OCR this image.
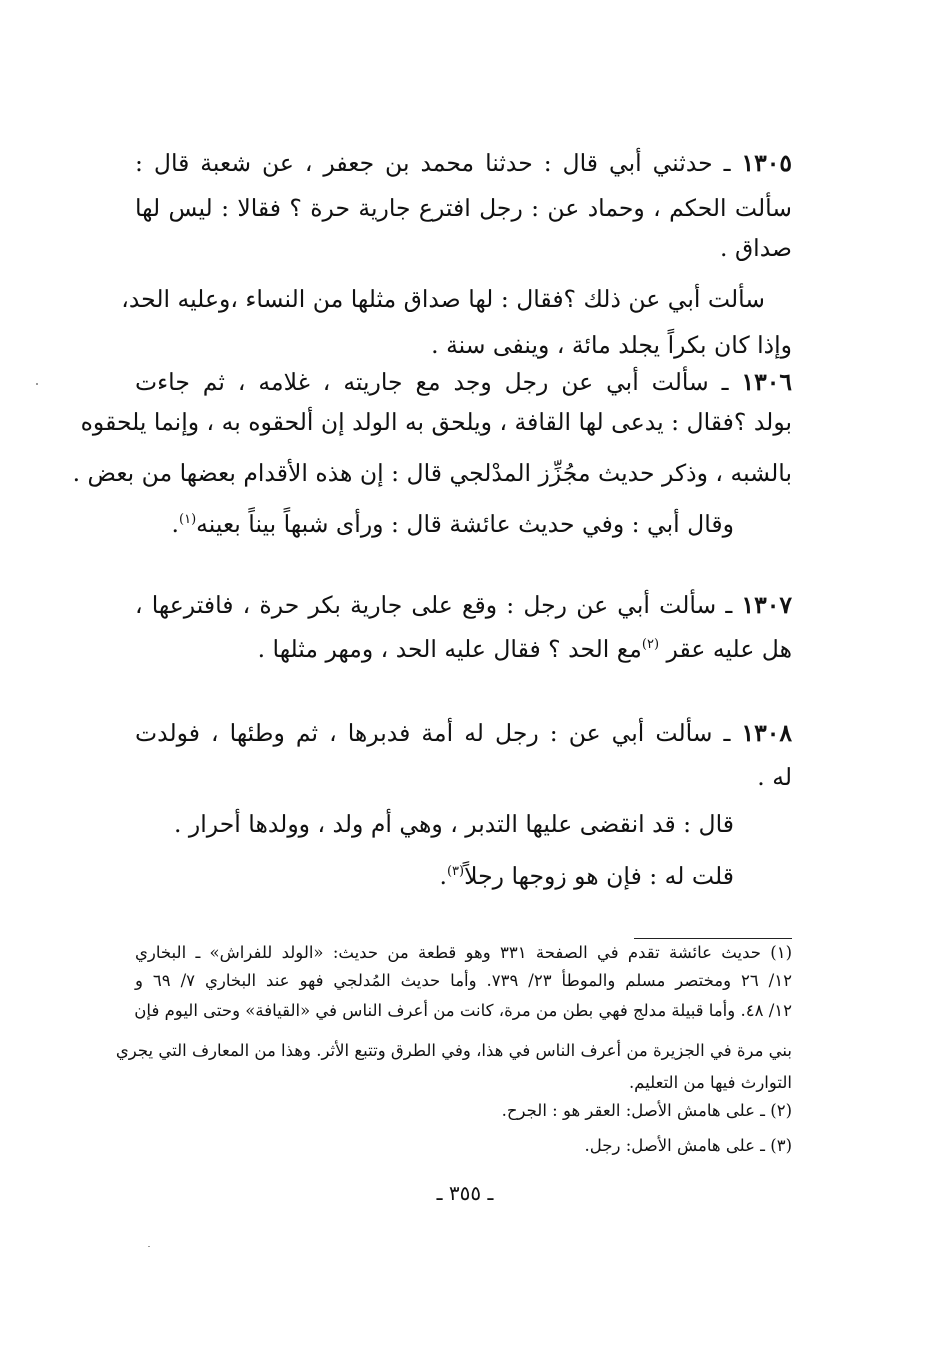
١٣٠٥ ـ حدثني أبي قال : حدثنا محمد بن جعفر ، عن شعبة قال :
سألت الحكم ، وحماد عن : رجل افترع جارية حرة ؟ فقالا : ليس لها
صداق .
سألت أبي عن ذلك ؟فقال : لها صداق مثلها من النساء ،وعليه الحد،
وإذا كان بكراً يجلد مائة ، وينفى سنة .
١٣٠٦ ـ سألت أبي عن رجل وجد مع جاريته ، غلامه ، ثم جاءت
بولد ؟فقال : يدعى لها القافة ، ويلحق به الولد إن ألحقوه به ، وإنما يلحقوه
بالشبه ، وذكر حديث مجُزِّز المدْلجي قال : إن هذه الأقدام بعضها من بعض .
وقال أبي : وفي حديث عائشة قال : ورأى شبهاً بيناً بعينه$^{(١)}$.
١٣٠٧ ـ سألت أبي عن رجل : وقع على جارية بكر حرة ، فافترعها ،
هل عليه عقر $^{(٢)}$مع الحد ؟ فقال عليه الحد ، ومهر مثلها .
١٣٠٨ ـ سألت أبي عن : رجل له أمة فدبرها ، ثم وطئها ، فولدت
له .
قال : قد انقضى عليها التدبر ، وهي أم ولد ، وولدها أحرار .
قلت له : فإن هو زوجها رجلاً$^{(٣)}$.
(١) حديث عائشة تقدم في الصفحة ٣٣١ وهو قطعة من حديث: «الولد للفراش» ـ البخاري
١٢/ ٢٦ ومختصر مسلم والموطأ ٢٣/ ٧٣٩. وأما حديث المُدلجي فهو عند البخاري ٧/ ٦٩ و
١٢/ ٤٨. وأما قبيلة مدلج فهي بطن من مرة، كانت من أعرف الناس في «القيافة» وحتى اليوم فإن
بني مرة في الجزيرة من أعرف الناس في هذا، وفي الطرق وتتبع الأثر. وهذا من المعارف التي يجري
التوارث فيها من التعليم.
(٢) ـ على هامش الأصل: العقر هو : الجرح.
(٣) ـ على هامش الأصل: رجل.
ـ ٣٥٥ ـ
